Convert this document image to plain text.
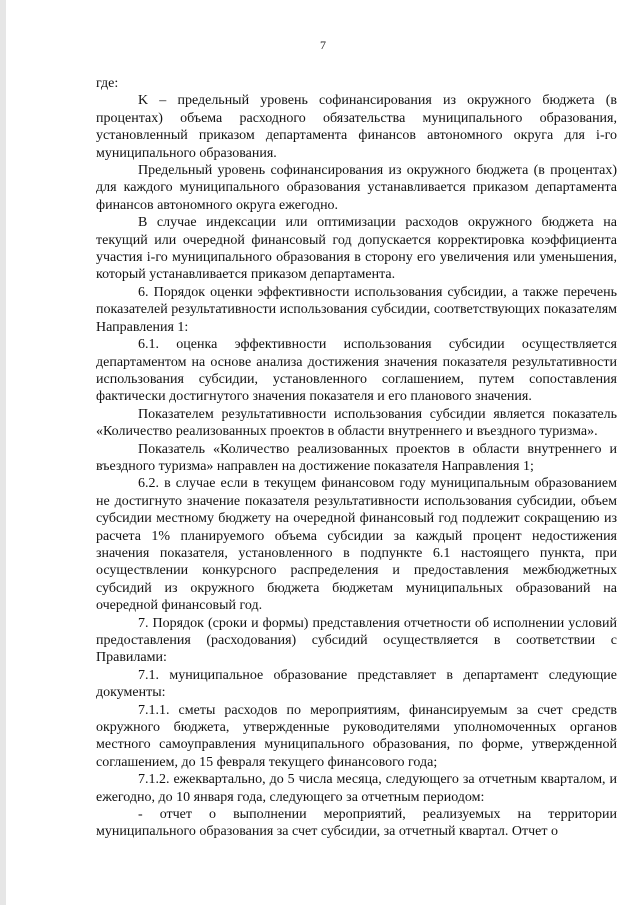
7

где:

K – предельный уровень софинансирования из окружного бюджета (в процентах) объема расходного обязательства муниципального образования, установленный приказом департамента финансов автономного округа для i-го муниципального образования.

Предельный уровень софинансирования из окружного бюджета (в процентах) для каждого муниципального образования устанавливается приказом департамента финансов автономного округа ежегодно.

В случае индексации или оптимизации расходов окружного бюджета на текущий или очередной финансовый год допускается корректировка коэффициента участия i-го муниципального образования в сторону его увеличения или уменьшения, который устанавливается приказом департамента.

6. Порядок оценки эффективности использования субсидии, а также перечень показателей результативности использования субсидии, соответствующих показателям Направления 1:

6.1. оценка эффективности использования субсидии осуществляется департаментом на основе анализа достижения значения показателя результативности использования субсидии, установленного соглашением, путем сопоставления фактически достигнутого значения показателя и его планового значения.

Показателем результативности использования субсидии является показатель «Количество реализованных проектов в области внутреннего и въездного туризма».

Показатель «Количество реализованных проектов в области внутреннего и въездного туризма» направлен на достижение показателя Направления 1;

6.2. в случае если в текущем финансовом году муниципальным образованием не достигнуто значение показателя результативности использования субсидии, объем субсидии местному бюджету на очередной финансовый год подлежит сокращению из расчета 1% планируемого объема субсидии за каждый процент недостижения значения показателя, установленного в подпункте 6.1 настоящего пункта, при осуществлении конкурсного распределения и предоставления межбюджетных субсидий из окружного бюджета бюджетам муниципальных образований на очередной финансовый год.

7. Порядок (сроки и формы) представления отчетности об исполнении условий предоставления (расходования) субсидий осуществляется в соответствии с Правилами:

7.1. муниципальное образование представляет в департамент следующие документы:

7.1.1. сметы расходов по мероприятиям, финансируемым за счет средств окружного бюджета, утвержденные руководителями уполномоченных органов местного самоуправления муниципального образования, по форме, утвержденной соглашением, до 15 февраля текущего финансового года;

7.1.2. ежеквартально, до 5 числа месяца, следующего за отчетным кварталом, и ежегодно, до 10 января года, следующего за отчетным периодом:

- отчет о выполнении мероприятий, реализуемых на территории муниципального образования за счет субсидии, за отчетный квартал. Отчет о
